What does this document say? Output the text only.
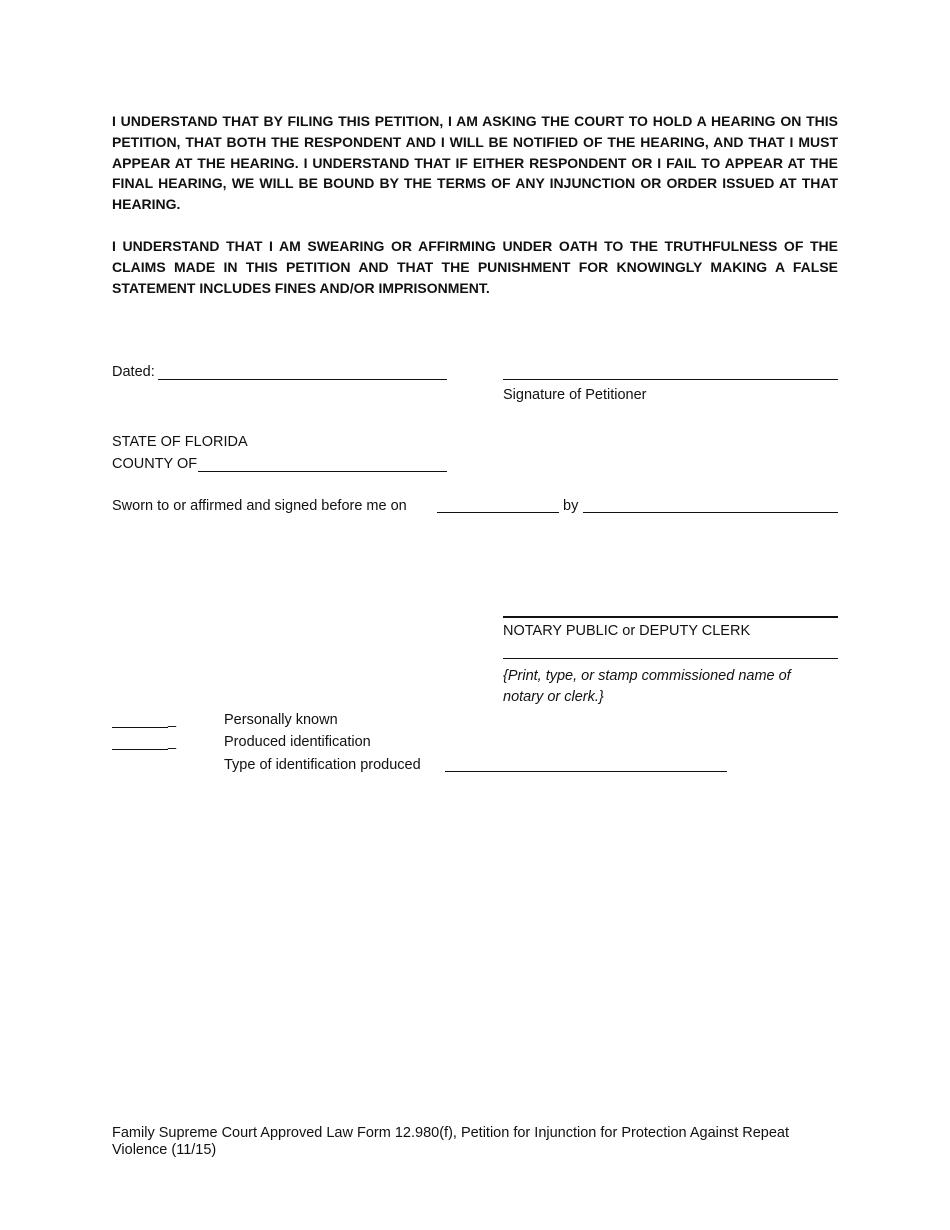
I UNDERSTAND THAT BY FILING THIS PETITION, I AM ASKING THE COURT TO HOLD A HEARING ON THIS PETITION, THAT BOTH THE RESPONDENT AND I WILL BE NOTIFIED OF THE HEARING, AND THAT I MUST APPEAR AT THE HEARING. I UNDERSTAND THAT IF EITHER RESPONDENT OR I FAIL TO APPEAR AT THE FINAL HEARING, WE WILL BE BOUND BY THE TERMS OF ANY INJUNCTION OR ORDER ISSUED AT THAT HEARING.
I UNDERSTAND THAT I AM SWEARING OR AFFIRMING UNDER OATH TO THE TRUTHFULNESS OF THE CLAIMS MADE IN THIS PETITION AND THAT THE PUNISHMENT FOR KNOWINGLY MAKING A FALSE STATEMENT INCLUDES FINES AND/OR IMPRISONMENT.
Dated:
Signature of Petitioner
STATE OF FLORIDA
COUNTY OF
Sworn to or affirmed and signed before me on	by
NOTARY PUBLIC or DEPUTY CLERK
{Print, type, or stamp commissioned name of notary or clerk.}
_	Personally known
_	Produced identification
Type of identification produced
Family Supreme Court Approved Law Form 12.980(f), Petition for Injunction for Protection Against Repeat Violence (11/15)
